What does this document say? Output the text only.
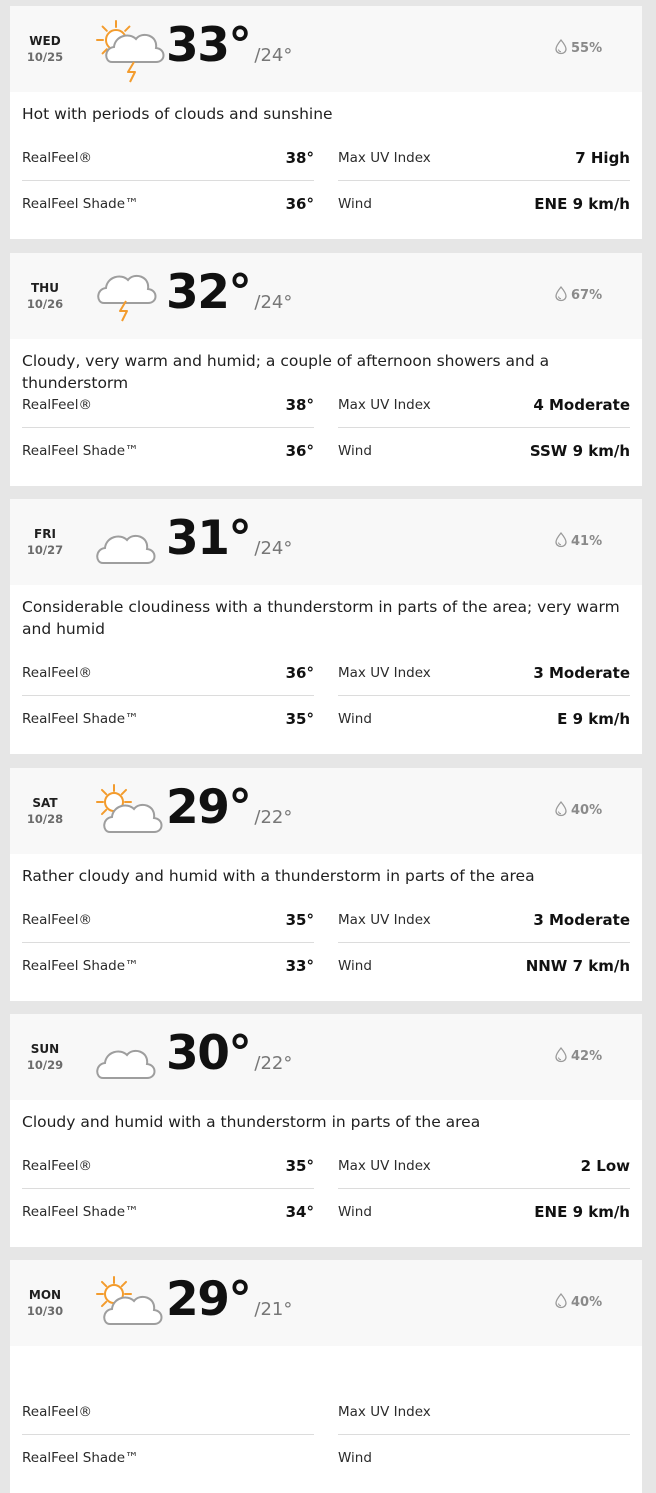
WED
10/25 33° /24°	55%
Hot with periods of clouds and sunshine
RealFeel®	38° Max UV Index	7 High
RealFeel Shade™	36° Wind	ENE 9 km/h
THU
10/26 32° /24°	67%
Cloudy, very warm and humid; a couple of afternoon showers and a thunderstorm
RealFeel®	38° Max UV Index	4 Moderate
RealFeel Shade™	36° Wind	SSW 9 km/h
FRI
10/27 31° /24°	41%
Considerable cloudiness with a thunderstorm in parts of the area; very warm and humid
RealFeel®	36° Max UV Index	3 Moderate
RealFeel Shade™	35° Wind	E 9 km/h
SAT
10/28 29° /22°	40%
Rather cloudy and humid with a thunderstorm in parts of the area
RealFeel®	35° Max UV Index	3 Moderate
RealFeel Shade™	33° Wind	NNW 7 km/h
SUN
10/29 30° /22°	42%
Cloudy and humid with a thunderstorm in parts of the area
RealFeel®	35° Max UV Index	2 Low
RealFeel Shade™	34° Wind	ENE 9 km/h
MON
10/30 29° /21°	40%
RealFeel®	Max UV Index
RealFeel Shade™	Wind
